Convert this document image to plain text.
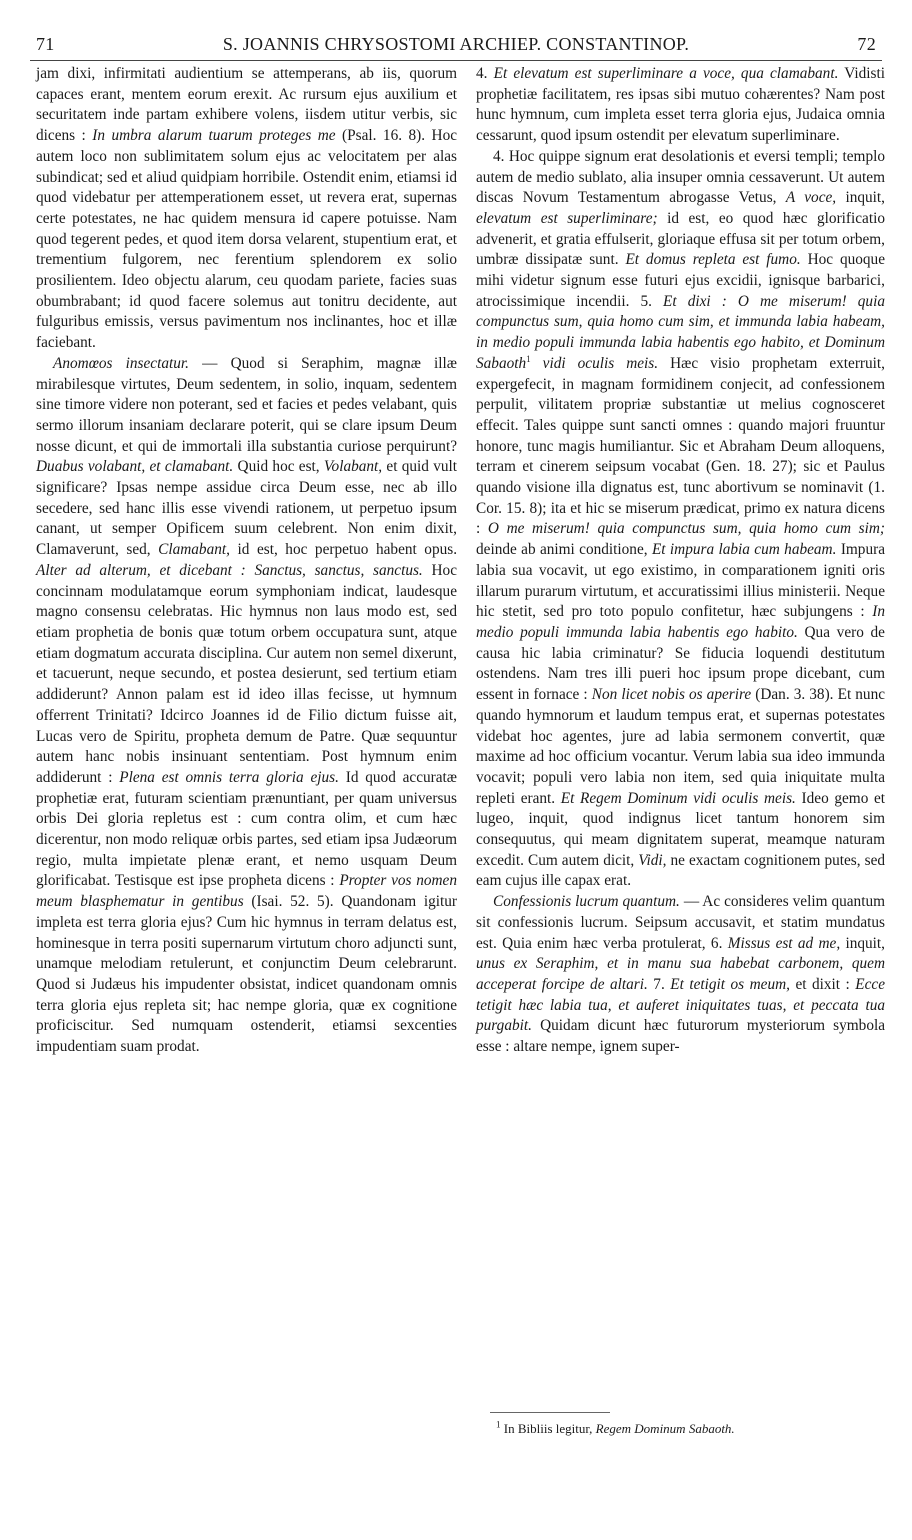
71	S. JOANNIS CHRYSOSTOMI ARCHIEP. CONSTANTINOP.	72

jam dixi, infirmitati audientium se attemperans, ab iis, quorum capaces erant, mentem eorum erexit. Ac rursum ejus auxilium et securitatem inde partam exhibere volens, iisdem utitur verbis, sic dicens : In umbra alarum tuarum proteges me (Psal. 16. 8). Hoc autem loco non sublimitatem solum ejus ac velocitatem per alas subindicat; sed et aliud quidpiam horribile. Ostendit enim, etiamsi id quod videbatur per attemperationem esset, ut revera erat, supernas certe potestates, ne hac quidem mensura id capere potuisse. Nam quod tegerent pedes, et quod item dorsa velarent, stupentium erat, et trementium fulgorem, nec ferentium splendorem ex solio prosilientem. Ideo objectu alarum, ceu quodam pariete, facies suas obumbrabant; id quod facere solemus aut tonitru decidente, aut fulguribus emissis, versus pavimentum nos inclinantes, hoc et illæ faciebant.

Anomœos insectatur. — Quod si Seraphim, magnæ illæ mirabilesque virtutes, Deum sedentem, in solio, inquam, sedentem sine timore videre non poterant, sed et facies et pedes velabant, quis sermo illorum insaniam declarare poterit, qui se clare ipsum Deum nosse dicunt, et qui de immortali illa substantia curiose perquirunt? Duabus volabant, et clamabant. Quid hoc est, Volabant, et quid vult significare? Ipsas nempe assidue circa Deum esse, nec ab illo secedere, sed hanc illis esse vivendi rationem, ut perpetuo ipsum canant, ut semper Opificem suum celebrent. Non enim dixit, Clamaverunt, sed, Clamabant, id est, hoc perpetuo habent opus. Alter ad alterum, et dicebant : Sanctus, sanctus, sanctus. Hoc concinnam modulatamque eorum symphoniam indicat, laudesque magno consensu celebratas. Hic hymnus non laus modo est, sed etiam prophetia de bonis quæ totum orbem occupatura sunt, atque etiam dogmatum accurata disciplina. Cur autem non semel dixerunt, et tacuerunt, neque secundo, et postea desierunt, sed tertium etiam addiderunt? Annon palam est id ideo illas fecisse, ut hymnum offerrent Trinitati? Idcirco Joannes id de Filio dictum fuisse ait, Lucas vero de Spiritu, propheta demum de Patre. Quæ sequuntur autem hanc nobis insinuant sententiam. Post hymnum enim addiderunt : Plena est omnis terra gloria ejus. Id quod accuratæ prophetiæ erat, futuram scientiam prænuntiant, per quam universus orbis Dei gloria repletus est : cum contra olim, et cum hæc dicerentur, non modo reliquæ orbis partes, sed etiam ipsa Judæorum regio, multa impietate plenæ erant, et nemo usquam Deum glorificabat. Testisque est ipse propheta dicens : Propter vos nomen meum blasphematur in gentibus (Isai. 52. 5). Quandonam igitur impleta est terra gloria ejus? Cum hic hymnus in terram delatus est, hominesque in terra positi supernarum virtutum choro adjuncti sunt, unamque melodiam retulerunt, et conjunctim Deum celebrarunt. Quod si Judæus his impudenter obsistat, indicet quandonam omnis terra gloria ejus repleta sit; hac nempe gloria, quæ ex cognitione proficiscitur. Sed numquam ostenderit, etiamsi sexcenties impudentiam suam prodat.

4. Et elevatum est superliminare a voce, qua clamabant. Vidisti prophetiæ facilitatem, res ipsas sibi mutuo cohærentes? Nam post hunc hymnum, cum impleta esset terra gloria ejus, Judaica omnia cessarunt, quod ipsum ostendit per elevatum superliminare.

4. Hoc quippe signum erat desolationis et eversi templi; templo autem de medio sublato, alia insuper omnia cessaverunt. Ut autem discas Novum Testamentum abrogasse Vetus, A voce, inquit, elevatum est superliminare; id est, eo quod hæc glorificatio advenerit, et gratia effulserit, gloriaque effusa sit per totum orbem, umbræ dissipatæ sunt. Et domus repleta est fumo. Hoc quoque mihi videtur signum esse futuri ejus excidii, ignisque barbarici, atrocissimique incendii. 5. Et dixi : O me miserum! quia compunctus sum, quia homo cum sim, et immunda labia habeam, in medio populi immunda labia habentis ego habito, et Dominum Sabaoth$^1$ vidi oculis meis. Hæc visio prophetam exterruit, expergefecit, in magnam formidinem conjecit, ad confessionem perpulit, vilitatem propriæ substantiæ ut melius cognosceret effecit. Tales quippe sunt sancti omnes : quando majori fruuntur honore, tunc magis humiliantur. Sic et Abraham Deum alloquens, terram et cinerem seipsum vocabat (Gen. 18. 27); sic et Paulus quando visione illa dignatus est, tunc abortivum se nominavit (1. Cor. 15. 8); ita et hic se miserum prædicat, primo ex natura dicens : O me miserum! quia compunctus sum, quia homo cum sim; deinde ab animi conditione, Et impura labia cum habeam. Impura labia sua vocavit, ut ego existimo, in comparationem igniti oris illarum purarum virtutum, et accuratissimi illius ministerii. Neque hic stetit, sed pro toto populo confitetur, hæc subjungens : In medio populi immunda labia habentis ego habito. Qua vero de causa hic labia criminatur? Se fiducia loquendi destitutum ostendens. Nam tres illi pueri hoc ipsum prope dicebant, cum essent in fornace : Non licet nobis os aperire (Dan. 3. 38). Et nunc quando hymnorum et laudum tempus erat, et supernas potestates videbat hoc agentes, jure ad labia sermonem convertit, quæ maxime ad hoc officium vocantur. Verum labia sua ideo immunda vocavit; populi vero labia non item, sed quia iniquitate multa repleti erant. Et Regem Dominum vidi oculis meis. Ideo gemo et lugeo, inquit, quod indignus licet tantum honorem sim consequutus, qui meam dignitatem superat, meamque naturam excedit. Cum autem dicit, Vidi, ne exactam cognitionem putes, sed eam cujus ille capax erat.

Confessionis lucrum quantum. — Ac consideres velim quantum sit confessionis lucrum. Seipsum accusavit, et statim mundatus est. Quia enim hæc verba protulerat, 6. Missus est ad me, inquit, unus ex Seraphim, et in manu sua habebat carbonem, quem acceperat forcipe de altari. 7. Et tetigit os meum, et dixit : Ecce tetigit hæc labia tua, et auferet iniquitates tuas, et peccata tua purgabit. Quidam dicunt hæc futurorum mysteriorum symbola esse : altare nempe, ignem super-

$^1$ In Bibliis legitur, Regem Dominum Sabaoth.
